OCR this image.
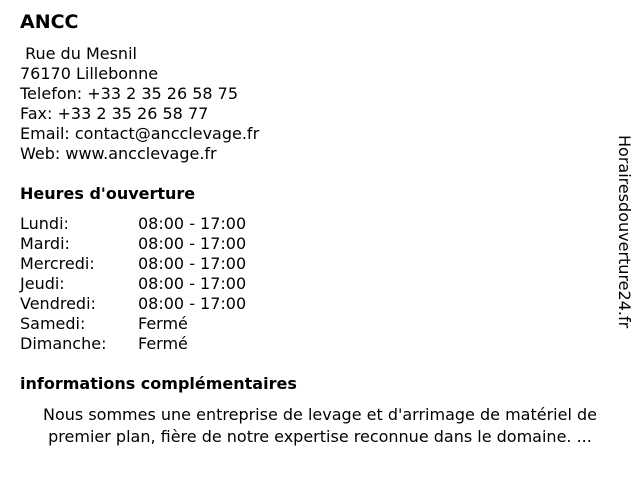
ANCC
Rue du Mesnil
76170 Lillebonne
Telefon: +33 2 35 26 58 75
Fax: +33 2 35 26 58 77
Email: contact@ancclevage.fr
Web: www.ancclevage.fr
Heures d'ouverture
Lundi:	08:00 - 17:00
Mardi:	08:00 - 17:00
Mercredi:	08:00 - 17:00
Jeudi:	08:00 - 17:00
Vendredi:	08:00 - 17:00
Samedi:	Fermé
Dimanche:	Fermé
informations complémentaires
Nous sommes une entreprise de levage et d'arrimage de matériel de premier plan, fière de notre expertise reconnue dans le domaine. ...
Horairesdouverture24.fr
